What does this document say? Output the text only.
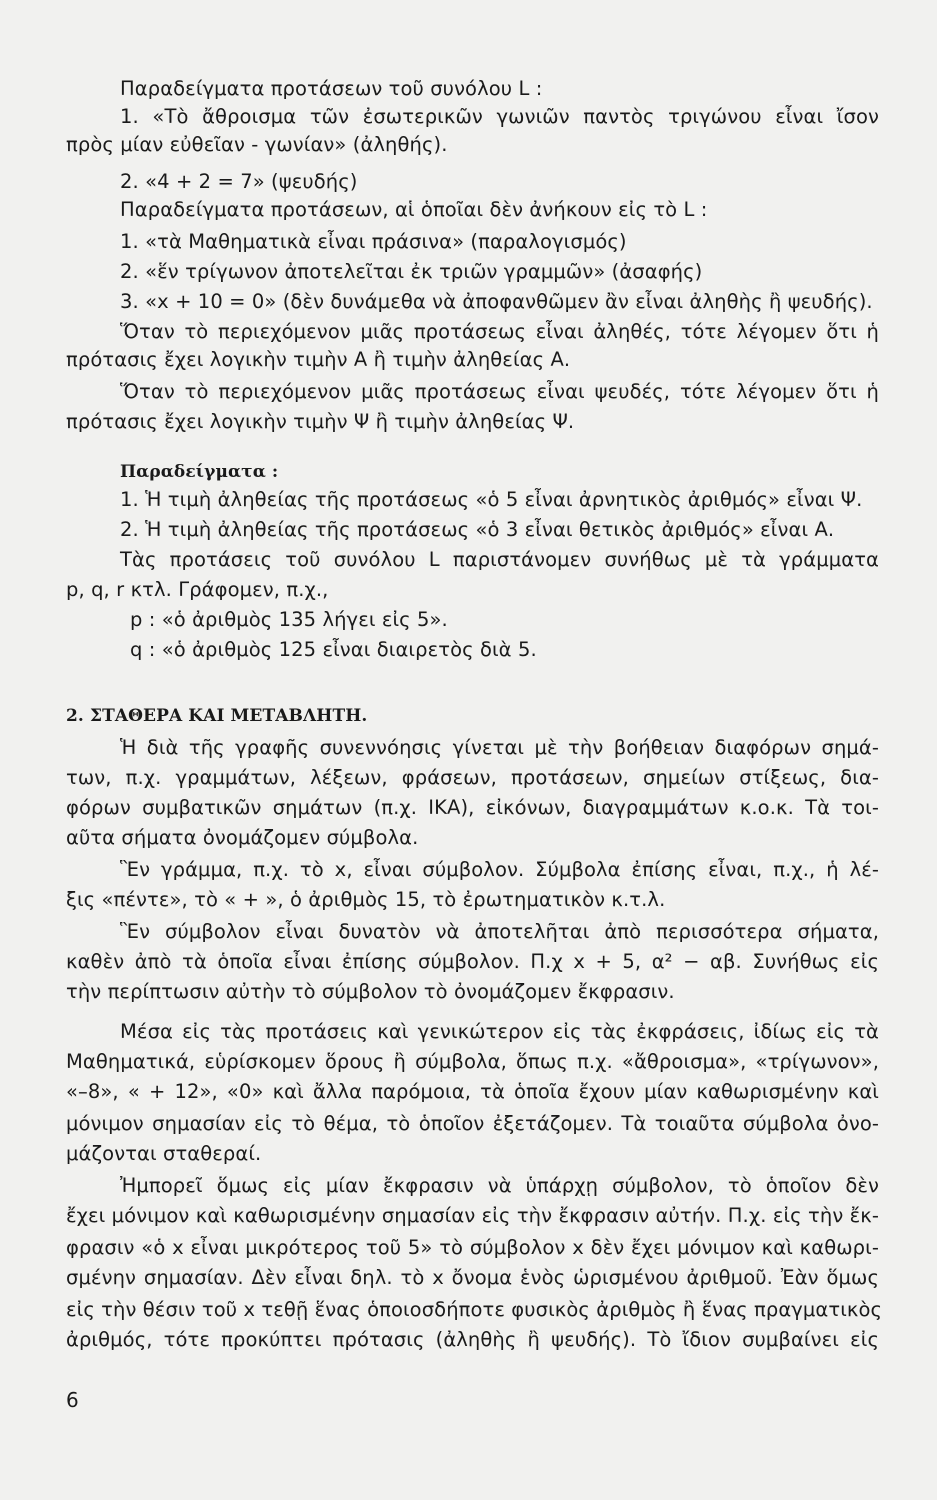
Παραδείγματα προτάσεων τοῦ συνόλου L :
1. «Τὸ ἄθροισμα τῶν ἐσωτερικῶν γωνιῶν παντὸς τριγώνου εἶναι ἴσον
πρὸς μίαν εὐθεῖαν - γωνίαν» (ἀληθής).
2. «4 + 2 = 7» (ψευδής)
Παραδείγματα προτάσεων, αἱ ὁποῖαι δὲν ἀνήκουν εἰς τὸ L :
1. «τὰ Μαθηματικὰ εἶναι πράσινα» (παραλογισμός)
2. «ἕν τρίγωνον ἀποτελεῖται ἐκ τριῶν γραμμῶν» (ἀσαφής)
3. «x + 10 = 0» (δὲν δυνάμεθα νὰ ἀποφανθῶμεν ἂν εἶναι ἀληθὴς ἢ ψευδής).
Ὅταν τὸ περιεχόμενον μιᾶς προτάσεως εἶναι ἀληθές, τότε λέγομεν ὅτι ἡ
πρότασις ἔχει λογικὴν τιμὴν Α ἢ τιμὴν ἀληθείας Α.
Ὅταν τὸ περιεχόμενον μιᾶς προτάσεως εἶναι ψευδές, τότε λέγομεν ὅτι ἡ
πρότασις ἔχει λογικὴν τιμὴν Ψ ἢ τιμὴν ἀληθείας Ψ.
Παραδείγματα :
1. Ἡ τιμὴ ἀληθείας τῆς προτάσεως «ὁ 5 εἶναι ἀρνητικὸς ἀριθμός» εἶναι Ψ.
2. Ἡ τιμὴ ἀληθείας τῆς προτάσεως «ὁ 3 εἶναι θετικὸς ἀριθμός» εἶναι Α.
Τὰς προτάσεις τοῦ συνόλου L παριστάνομεν συνήθως μὲ τὰ γράμματα
p, q, r κτλ. Γράφομεν, π.χ.,
p : «ὁ ἀριθμὸς 135 λήγει εἰς 5».
q : «ὁ ἀριθμὸς 125 εἶναι διαιρετὸς διὰ 5.
2. ΣΤΑΘΕΡΑ ΚΑΙ ΜΕΤΑΒΛΗΤΗ.
Ἡ διὰ τῆς γραφῆς συνεννόησις γίνεται μὲ τὴν βοήθειαν διαφόρων σημά-
των, π.χ. γραμμάτων, λέξεων, φράσεων, προτάσεων, σημείων στίξεως, δια-
φόρων συμβατικῶν σημάτων (π.χ. ΙΚΑ), εἰκόνων, διαγραμμάτων κ.ο.κ. Τὰ τοι-
αῦτα σήματα ὀνομάζομεν σύμβολα.
Ἓν γράμμα, π.χ. τὸ x, εἶναι σύμβολον. Σύμβολα ἐπίσης εἶναι, π.χ., ἡ λέ-
ξις «πέντε», τὸ « + », ὁ ἀριθμὸς 15, τὸ ἐρωτηματικὸν κ.τ.λ.
Ἓν σύμβολον εἶναι δυνατὸν νὰ ἀποτελῆται ἀπὸ περισσότερα σήματα,
καθὲν ἀπὸ τὰ ὁποῖα εἶναι ἐπίσης σύμβολον. Π.χ x + 5, α² − αβ. Συνήθως εἰς
τὴν περίπτωσιν αὐτὴν τὸ σύμβολον τὸ ὀνομάζομεν ἔκφρασιν.
Μέσα εἰς τὰς προτάσεις καὶ γενικώτερον εἰς τὰς ἐκφράσεις, ἰδίως εἰς τὰ
Μαθηματικά, εὑρίσκομεν ὅρους ἢ σύμβολα, ὅπως π.χ. «ἄθροισμα», «τρίγωνον»,
«–8», « + 12», «0» καὶ ἄλλα παρόμοια, τὰ ὁποῖα ἔχουν μίαν καθωρισμένην καὶ
μόνιμον σημασίαν εἰς τὸ θέμα, τὸ ὁποῖον ἐξετάζομεν. Τὰ τοιαῦτα σύμβολα ὀνο-
μάζονται σταθεραί.
Ἠμπορεῖ ὅμως εἰς μίαν ἔκφρασιν νὰ ὑπάρχῃ σύμβολον, τὸ ὁποῖον δὲν
ἔχει μόνιμον καὶ καθωρισμένην σημασίαν εἰς τὴν ἔκφρασιν αὐτήν. Π.χ. εἰς τὴν ἔκ-
φρασιν «ὁ x εἶναι μικρότερος τοῦ 5» τὸ σύμβολον x δὲν ἔχει μόνιμον καὶ καθωρι-
σμένην σημασίαν. Δὲν εἶναι δηλ. τὸ x ὄνομα ἑνὸς ὡρισμένου ἀριθμοῦ. Ἐὰν ὅμως
εἰς τὴν θέσιν τοῦ x τεθῇ ἕνας ὁποιοσδήποτε φυσικὸς ἀριθμὸς ἢ ἕνας πραγματικὸς
ἀριθμός, τότε προκύπτει πρότασις (ἀληθὴς ἢ ψευδής). Τὸ ἴδιον συμβαίνει εἰς
6
